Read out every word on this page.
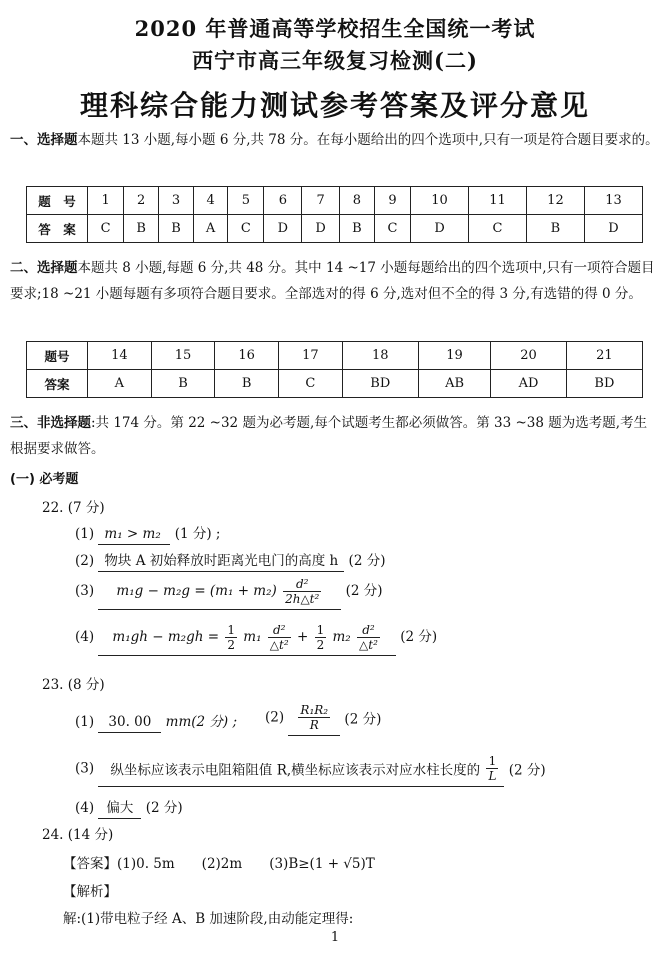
2020 年普通高等学校招生全国统一考试
西宁市高三年级复习检测(二)
理科综合能力测试参考答案及评分意见
一、选择题本题共 13 小题,每小题 6 分,共 78 分。在每小题给出的四个选项中,只有一项是符合题目要求的。
题　号	1	2	3	4	5	6	7	8	9	10	11	12	13
答　案	C	B	B	A	C	D	D	B	C	D	C	B	D
二、选择题本题共 8 小题,每题 6 分,共 48 分。其中 14 ~17 小题每题给出的四个选项中,只有一项符合题目要求;18 ~21 小题每题有多项符合题目要求。全部选对的得 6 分,选对但不全的得 3 分,有选错的得 0 分。
题号	14	15	16	17	18	19	20	21
答案	A	B	B	C	BD	AB	AD	BD
三、非选择题:共 174 分。第 22 ~32 题为必考题,每个试题考生都必须做答。第 33 ~38 题为选考题,考生根据要求做答。
(一) 必考题
22. (7 分)
(1) m₁ > m₂ (1 分) ;
(2) 物块 A 初始释放时距离光电门的高度 h (2 分)
(3) $m_1g - m_2g = (m_1 + m_2) \frac{\text{d²}}{\text{2h△t²}} (2$ 分)
(4) $m_1gh - m_2gh = \frac{1}{2} m_1 \frac{\text{d²}}{\text{△t²}} + \frac{1}{2} m_2 \frac{\text{d²}}{\text{△t²}} (2$ 分)
23. (8 分)
(1) 30. 00 mm(2 分) ; $(2) \frac{\text{R₁R₂}}{R} (2$ 分)
(3) 纵坐标应该表示电阻箱阻值 R,横坐标应该表示对应水柱长度的 $\frac{1}{L} (2$ 分)
(4) 偏大 (2 分)
24. (14 分)
【答案】(1)0. 5m　　(2)2m　　(3)B≥(1 + √5)T
【解析】
解:(1)带电粒子经 A、B 加速阶段,由动能定理得:
1
